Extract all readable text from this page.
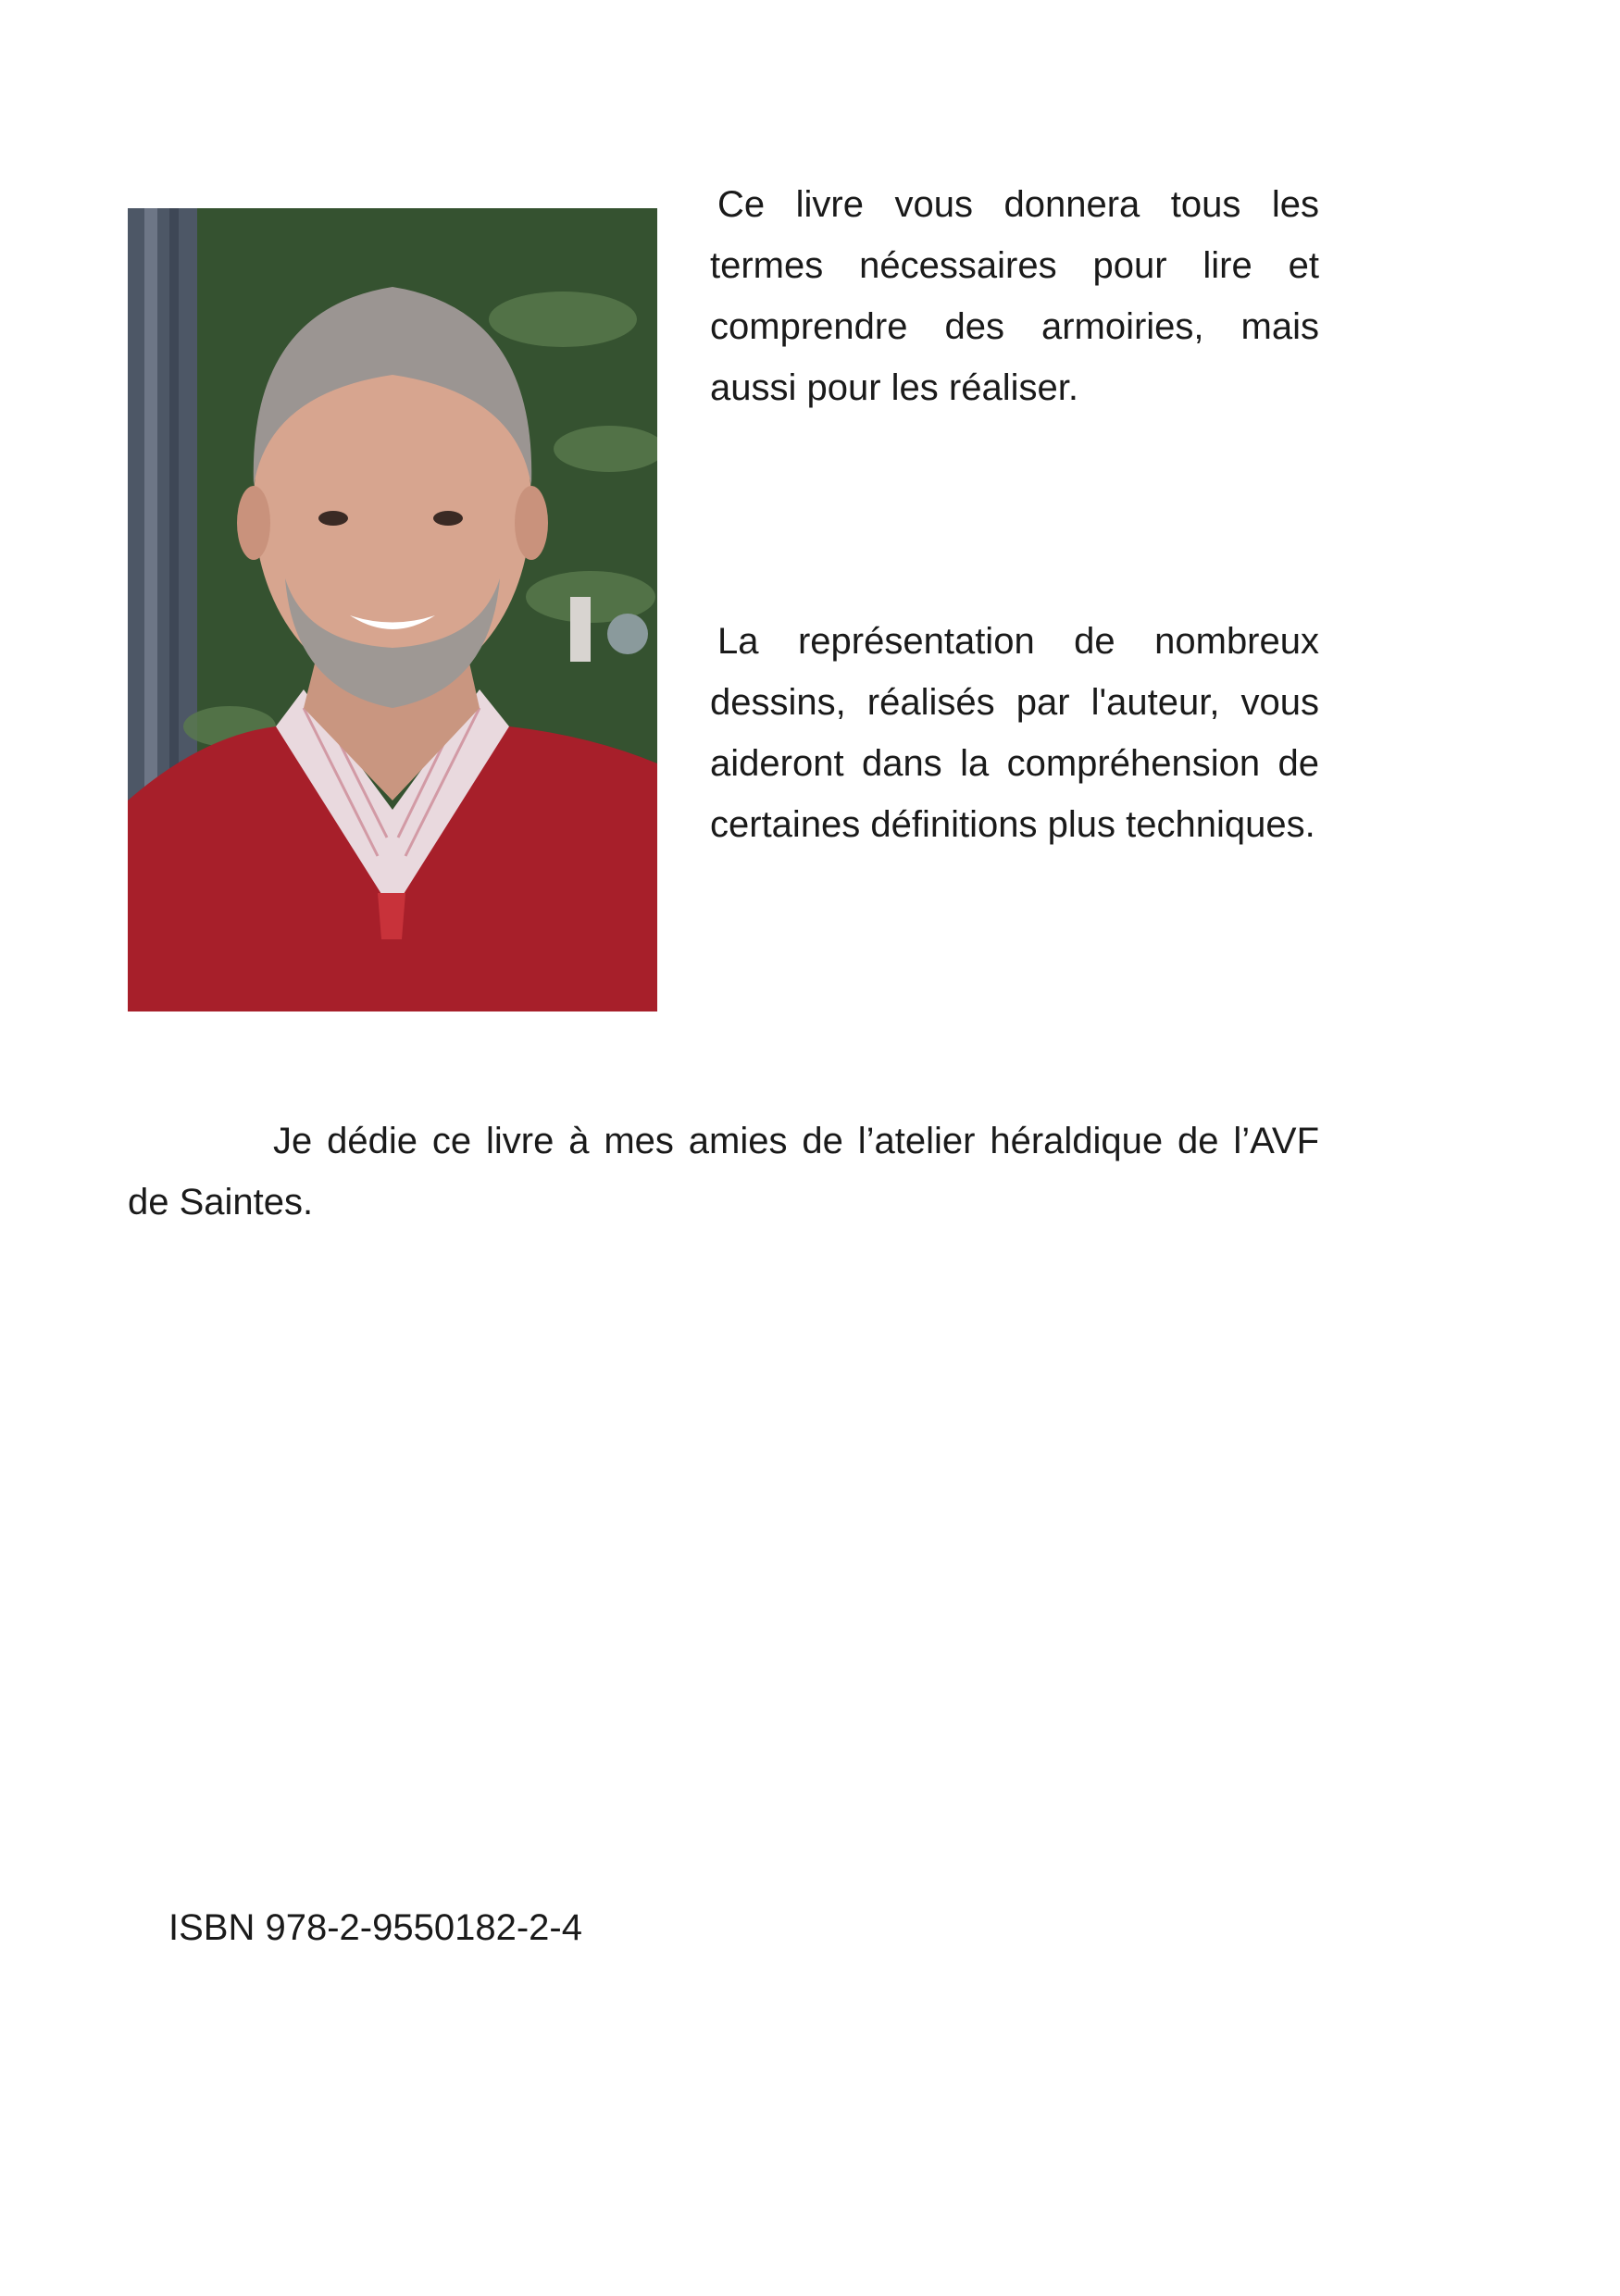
Ce livre vous donnera tous les termes nécessaires pour lire et comprendre des armoiries, mais aussi pour les réaliser.

La représentation de nombreux dessins, réalisés par l'auteur, vous aideront dans la compréhension de certaines définitions plus techniques.

Je dédie ce livre à mes amies de l’atelier héraldique de l’AVF de Saintes.

ISBN 978-2-9550182-2-4
